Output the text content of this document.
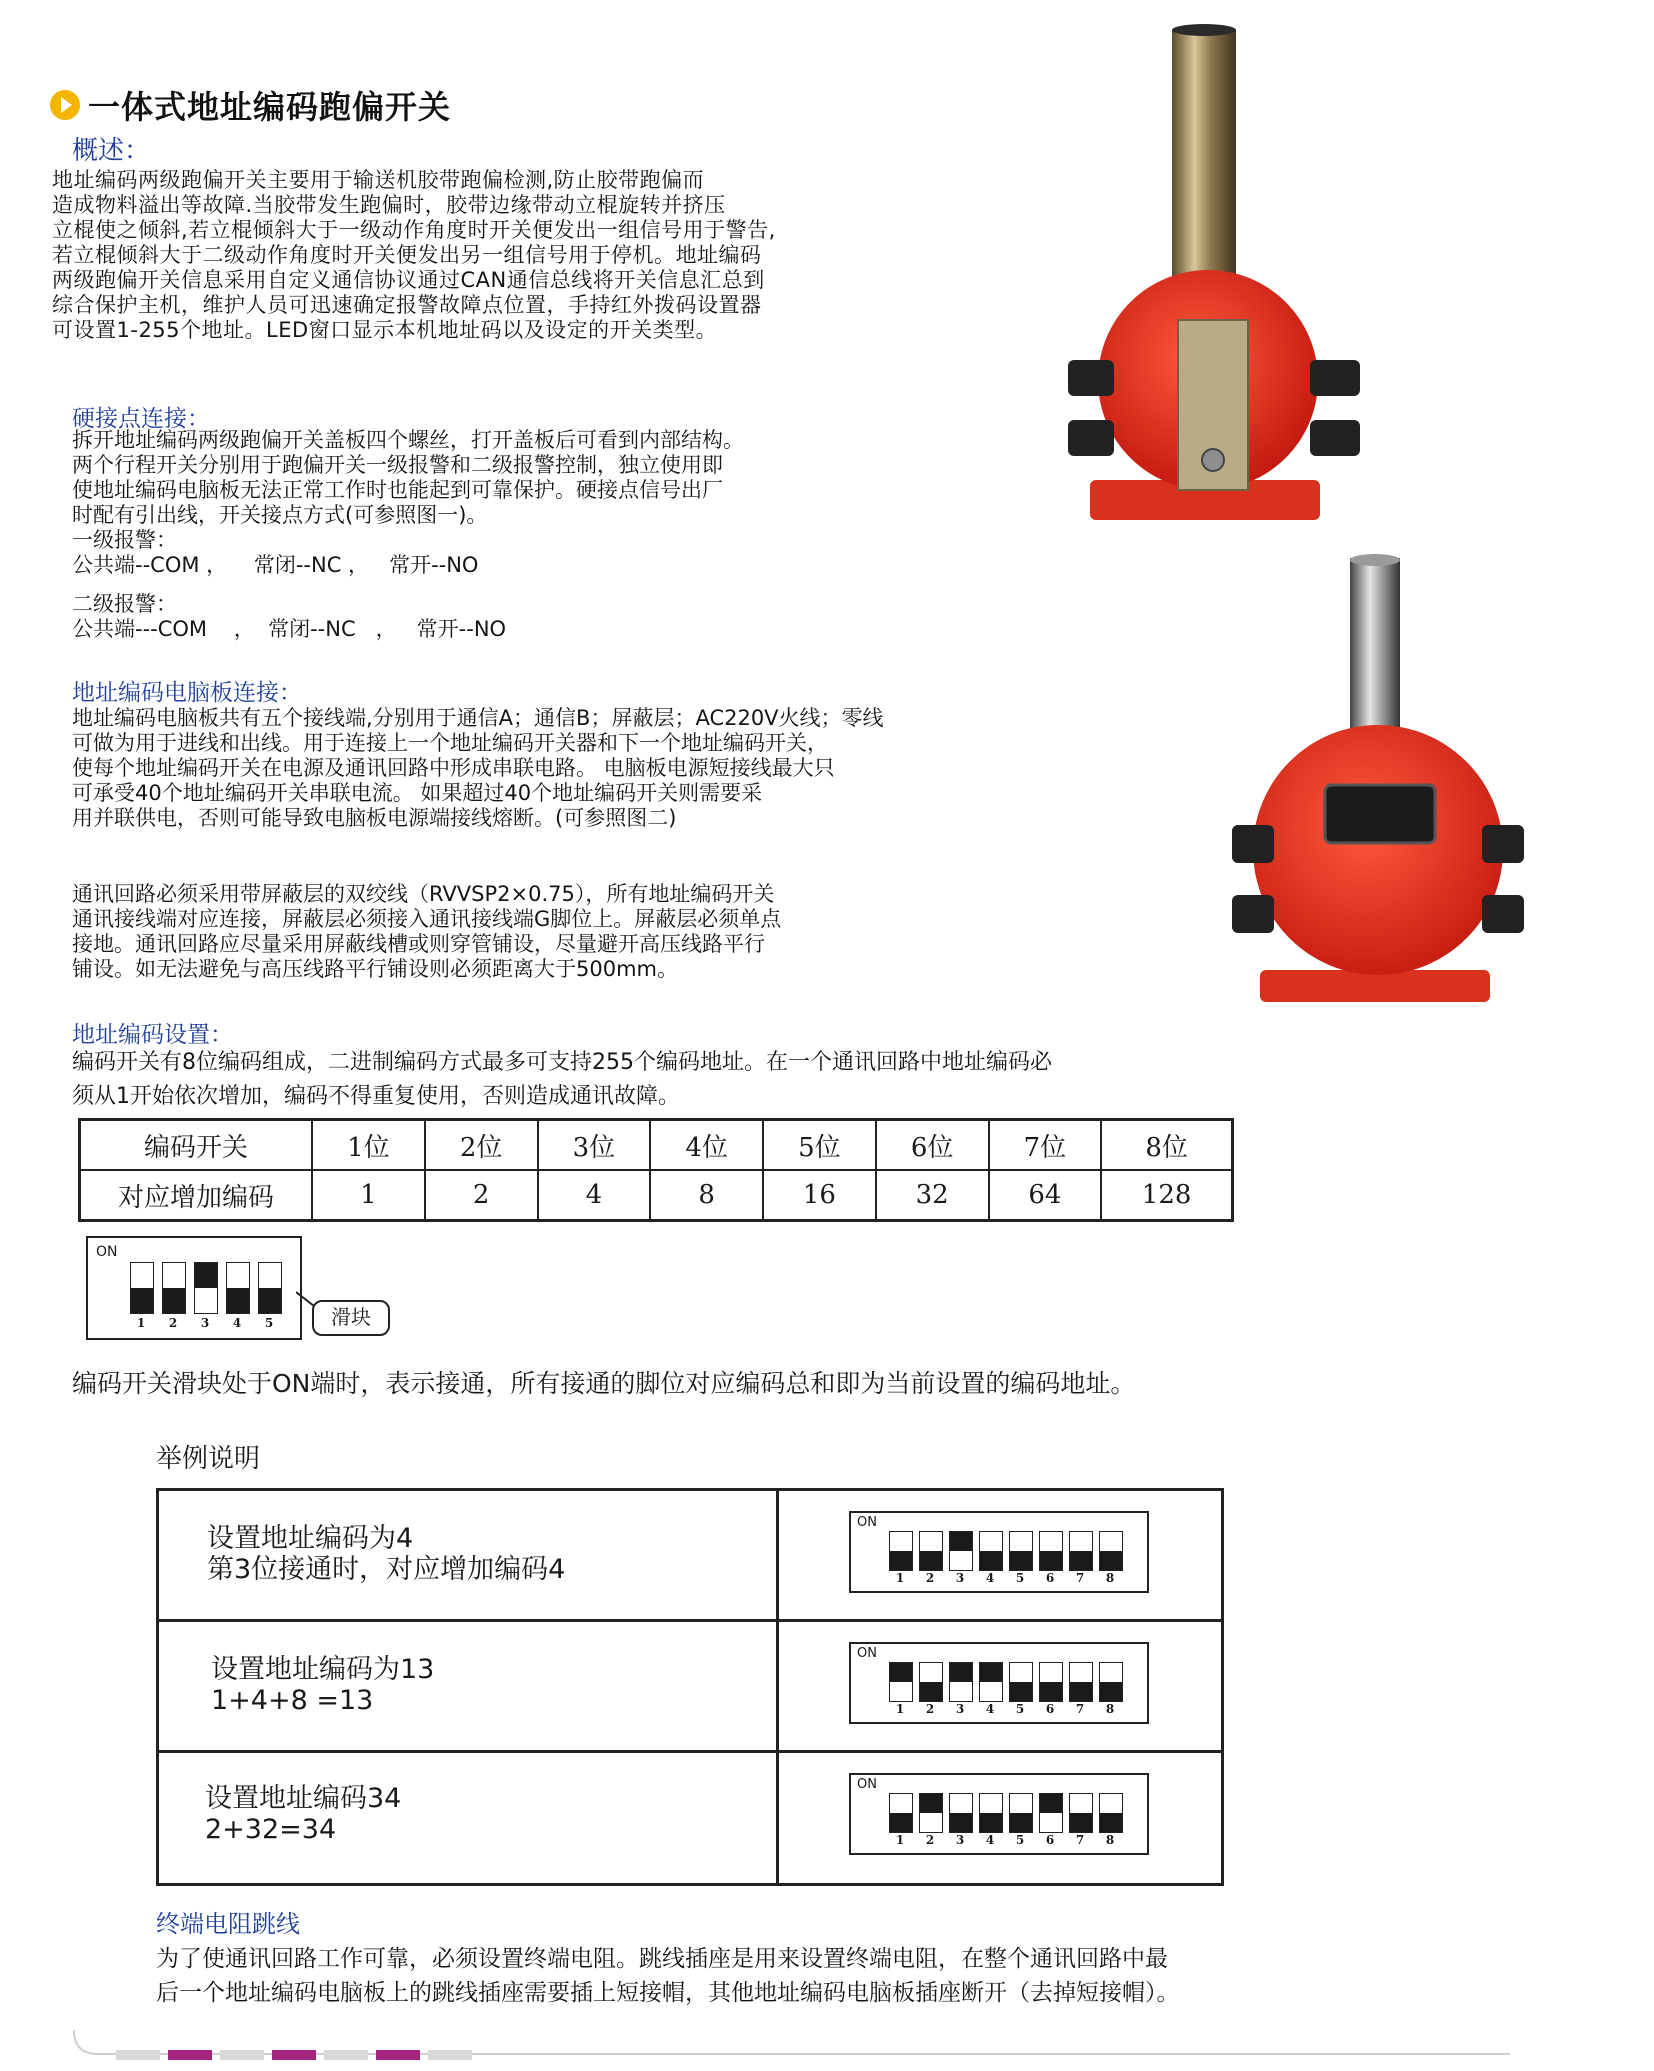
一体式地址编码跑偏开关
概述：
地址编码两级跑偏开关主要用于输送机胶带跑偏检测,防止胶带跑偏而
造成物料溢出等故障.当胶带发生跑偏时，胶带边缘带动立棍旋转并挤压
立棍使之倾斜,若立棍倾斜大于一级动作角度时开关便发出一组信号用于警告,
若立棍倾斜大于二级动作角度时开关便发出另一组信号用于停机。地址编码
两级跑偏开关信息采用自定义通信协议通过CAN通信总线将开关信息汇总到
综合保护主机，维护人员可迅速确定报警故障点位置，手持红外拨码设置器
可设置1-255个地址。LED窗口显示本机地址码以及设定的开关类型。
硬接点连接：
拆开地址编码两级跑偏开关盖板四个螺丝，打开盖板后可看到内部结构。
两个行程开关分别用于跑偏开关一级报警和二级报警控制，独立使用即
使地址编码电脑板无法正常工作时也能起到可靠保护。硬接点信号出厂
时配有引出线，开关接点方式(可参照图一)。
一级报警：
公共端--COM ，    常闭--NC ，   常开--NO
二级报警：
公共端---COM    ，  常闭--NC   ，   常开--NO
地址编码电脑板连接：
地址编码电脑板共有五个接线端,分别用于通信A；通信B；屏蔽层；AC220V火线；零线
可做为用于进线和出线。用于连接上一个地址编码开关器和下一个地址编码开关，
使每个地址编码开关在电源及通讯回路中形成串联电路。 电脑板电源短接线最大只
可承受40个地址编码开关串联电流。 如果超过40个地址编码开关则需要采
用并联供电，否则可能导致电脑板电源端接线熔断。(可参照图二)
通讯回路必须采用带屏蔽层的双绞线（RVVSP2×0.75），所有地址编码开关
通讯接线端对应连接，屏蔽层必须接入通讯接线端G脚位上。屏蔽层必须单点
接地。通讯回路应尽量采用屏蔽线槽或则穿管铺设，尽量避开高压线路平行
铺设。如无法避免与高压线路平行铺设则必须距离大于500mm。
地址编码设置：
编码开关有8位编码组成，二进制编码方式最多可支持255个编码地址。在一个通讯回路中地址编码必
须从1开始依次增加，编码不得重复使用，否则造成通讯故障。
编码开关	1位	2位	3位	4位	5位	6位	7位	8位
对应增加编码	1	2	4	8	16	32	64	128
ON
1	2	3	4	5	滑块
编码开关滑块处于ON端时，表示接通，所有接通的脚位对应编码总和即为当前设置的编码地址。
举例说明
设置地址编码为4
第3位接通时，对应增加编码4
ON
1	2	3	4	5	6	7	8
设置地址编码为13
1+4+8 =13
ON
1	2	3	4	5	6	7	8
设置地址编码34
2+32=34
ON
1	2	3	4	5	6	7	8
终端电阻跳线
为了使通讯回路工作可靠，必须设置终端电阻。跳线插座是用来设置终端电阻，在整个通讯回路中最
后一个地址编码电脑板上的跳线插座需要插上短接帽，其他地址编码电脑板插座断开（去掉短接帽）。
